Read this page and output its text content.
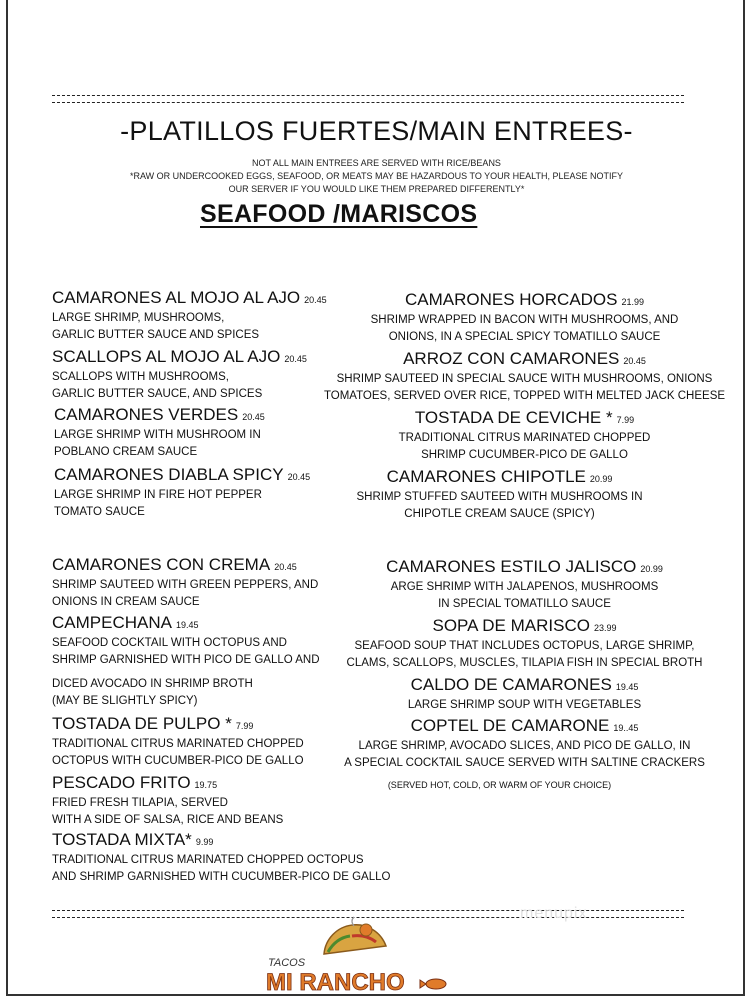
-PLATILLOS FUERTES/MAIN ENTREES-
NOT ALL MAIN ENTREES ARE SERVED WITH RICE/BEANS
*RAW OR UNDERCOOKED EGGS, SEAFOOD, OR MEATS MAY BE HAZARDOUS TO YOUR HEALTH, PLEASE NOTIFY
OUR SERVER IF YOU WOULD LIKE THEM PREPARED DIFFERENTLY*
SEAFOOD /MARISCOS
CAMARONES AL MOJO AL AJO 20.45
LARGE SHRIMP, MUSHROOMS,
GARLIC BUTTER SAUCE AND SPICES
SCALLOPS AL MOJO AL AJO 20.45
SCALLOPS WITH MUSHROOMS,
GARLIC BUTTER SAUCE, AND SPICES
CAMARONES VERDES 20.45
LARGE SHRIMP WITH MUSHROOM IN
POBLANO CREAM SAUCE
CAMARONES DIABLA SPICY 20.45
LARGE SHRIMP IN FIRE HOT PEPPER
TOMATO SAUCE
CAMARONES HORCADOS 21.99
SHRIMP WRAPPED IN BACON WITH MUSHROOMS, AND
ONIONS, IN A SPECIAL SPICY TOMATILLO SAUCE
ARROZ CON CAMARONES 20.45
SHRIMP SAUTEED IN SPECIAL SAUCE WITH MUSHROOMS, ONIONS
TOMATOES, SERVED OVER RICE, TOPPED WITH MELTED JACK CHEESE
TOSTADA DE CEVICHE * 7.99
TRADITIONAL CITRUS MARINATED CHOPPED
SHRIMP CUCUMBER-PICO DE GALLO
CAMARONES CHIPOTLE 20.99
SHRIMP STUFFED SAUTEED WITH MUSHROOMS IN
CHIPOTLE CREAM SAUCE (SPICY)
CAMARONES CON CREMA 20.45
SHRIMP SAUTEED WITH GREEN PEPPERS, AND
ONIONS IN CREAM SAUCE
CAMPECHANA 19.45
SEAFOOD COCKTAIL WITH OCTOPUS AND
SHRIMP GARNISHED WITH PICO DE GALLO AND
DICED AVOCADO IN SHRIMP BROTH
(MAY BE SLIGHTLY SPICY)
TOSTADA DE PULPO * 7.99
TRADITIONAL CITRUS MARINATED CHOPPED
OCTOPUS WITH CUCUMBER-PICO DE GALLO
PESCADO FRITO 19.75
FRIED FRESH TILAPIA, SERVED
WITH A SIDE OF SALSA, RICE AND BEANS
TOSTADA MIXTA* 9.99
TRADITIONAL CITRUS MARINATED CHOPPED OCTOPUS
AND SHRIMP GARNISHED WITH CUCUMBER-PICO DE GALLO
CAMARONES ESTILO JALISCO 20.99
ARGE SHRIMP WITH JALAPENOS, MUSHROOMS
IN SPECIAL TOMATILLO SAUCE
SOPA DE MARISCO 23.99
SEAFOOD SOUP THAT INCLUDES OCTOPUS, LARGE SHRIMP,
CLAMS, SCALLOPS, MUSCLES, TILAPIA FISH IN SPECIAL BROTH
CALDO DE CAMARONES 19.45
LARGE SHRIMP SOUP WITH VEGETABLES
COPTEL DE CAMARONE 19..45
LARGE SHRIMP, AVOCADO SLICES, AND PICO DE GALLO, IN
A SPECIAL COCKTAIL SAUCE SERVED WITH SALTINE CRACKERS
(SERVED HOT, COLD, OR WARM OF YOUR CHOICE)
menupix
TACOS
MI RANCHO
